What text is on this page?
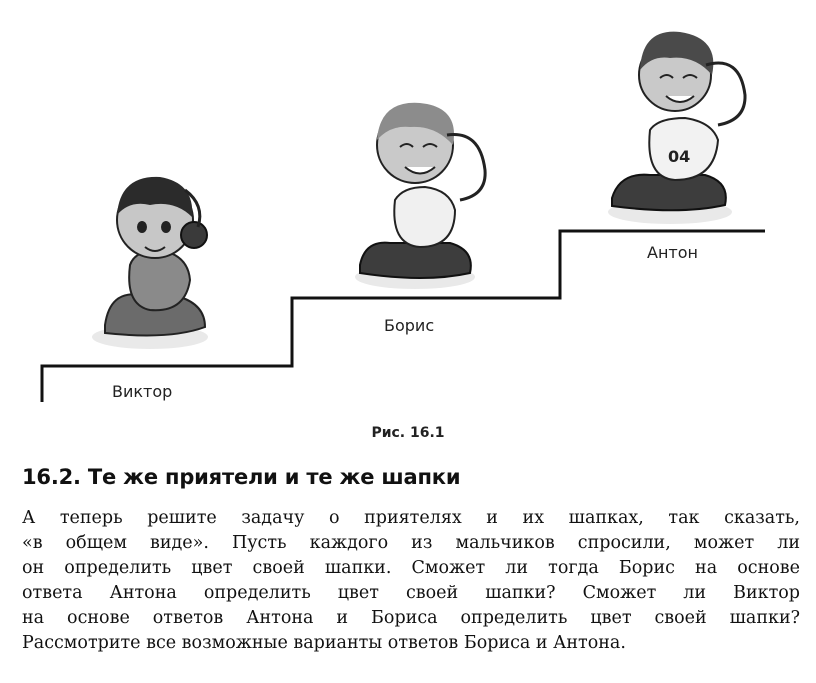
04
Виктор
Борис
Антон
Рис. 16.1
16.2. Те же приятели и те же шапки

А теперь решите задачу о приятелях и их шапках, так сказать,
«в общем виде». Пусть каждого из мальчиков спросили, может ли
он определить цвет своей шапки. Сможет ли тогда Борис на основе
ответа Антона определить цвет своей шапки? Сможет ли Виктор
на основе ответов Антона и Бориса определить цвет своей шапки?
Рассмотрите все возможные варианты ответов Бориса и Антона.
